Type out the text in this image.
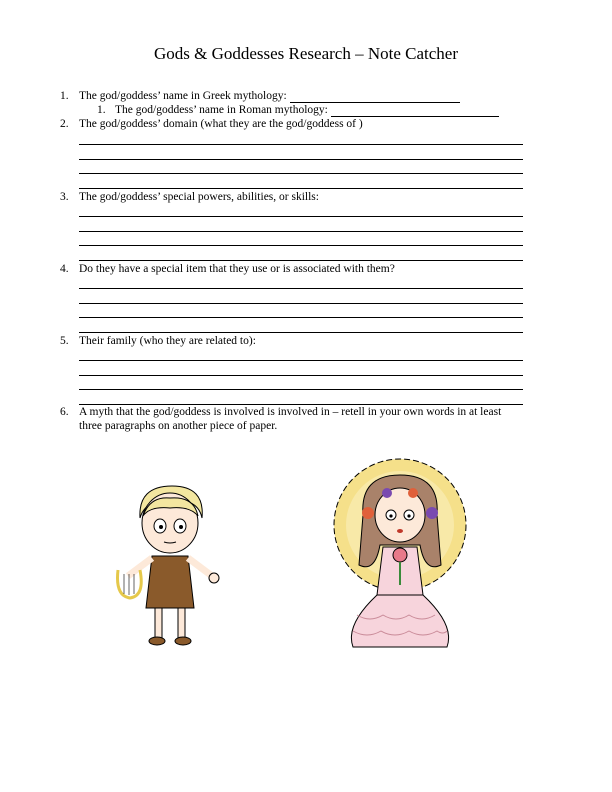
Gods & Goddesses Research – Note Catcher
1. The god/goddess’ name in Greek mythology:
1. The god/goddess’ name in Roman mythology:
2. The god/goddess’ domain (what they are the god/goddess of )
3. The god/goddess’ special powers, abilities, or skills:
4. Do they have a special item that they use or is associated with them?
5. Their family (who they are related to):
6. A myth that the god/goddess is involved is involved in – retell in your own words in at least
three paragraphs on another piece of paper.
